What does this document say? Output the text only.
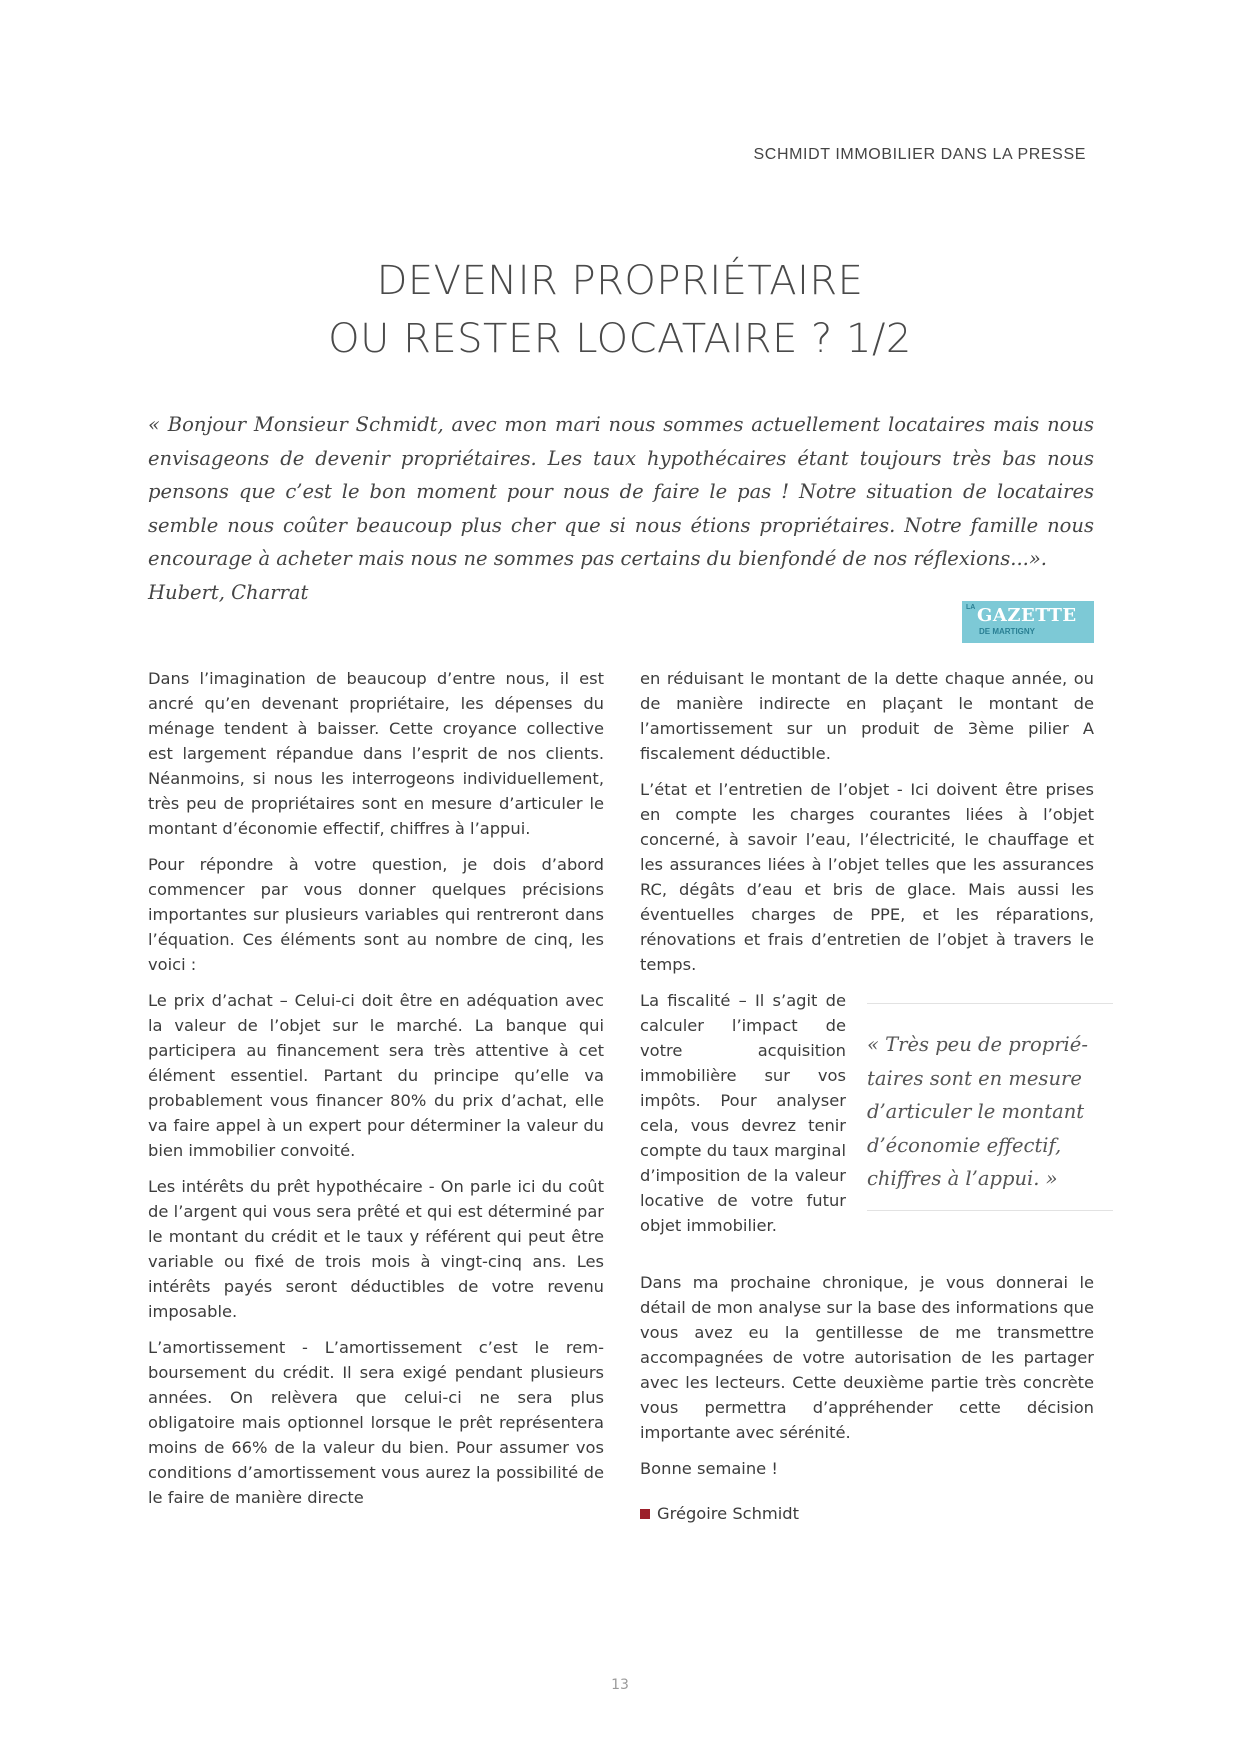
SCHMIDT IMMOBILIER DANS LA PRESSE
DEVENIR PROPRIÉTAIRE
OU RESTER LOCATAIRE ? 1/2
« Bonjour Monsieur Schmidt, avec mon mari nous sommes actuellement locataires mais nous envisageons de devenir propriétaires. Les taux hypothécaires étant toujours très bas nous pensons que c’est le bon moment pour nous de faire le pas ! Notre situation de locataires semble nous coûter beaucoup plus cher que si nous étions propriétaires. Notre famille nous encourage à acheter mais nous ne sommes pas certains du bienfondé de nos réflexions...».
Hubert, Charrat
LA GAZETTE
DE MARTIGNY

Dans l’imagination de beaucoup d’entre nous, il est ancré qu’en devenant propriétaire, les dépenses du ménage tendent à baisser. Cette croyance collective est largement répandue dans l’esprit de nos clients. Néanmoins, si nous les interrogeons individuellement, très peu de propriétaires sont en mesure d’articuler le montant d’économie effectif, chiffres à l’appui.

Pour répondre à votre question, je dois d’abord commencer par vous donner quelques précisions importantes sur plusieurs variables qui rentreront dans l’équation. Ces éléments sont au nombre de cinq, les voici :

Le prix d’achat – Celui-ci doit être en adéquation avec la valeur de l’objet sur le marché. La banque qui participera au financement sera très attentive à cet élément essentiel. Partant du principe qu’elle va probablement vous financer 80% du prix d’achat, elle va faire appel à un expert pour déterminer la valeur du bien immobilier convoité.

Les intérêts du prêt hypothécaire - On parle ici du coût de l’argent qui vous sera prêté et qui est déterminé par le montant du crédit et le taux y référent qui peut être variable ou fixé de trois mois à vingt-cinq ans. Les intérêts payés seront déductibles de votre revenu imposable.

L’amortissement - L’amortissement c’est le remboursement du crédit. Il sera exigé pendant plusieurs années. On relèvera que celui-ci ne sera plus obligatoire mais optionnel lorsque le prêt représentera moins de 66% de la valeur du bien. Pour assumer vos conditions d’amortissement vous aurez la possibilité de le faire de manière directe

en réduisant le montant de la dette chaque année, ou de manière indirecte en plaçant le montant de l’amortissement sur un produit de 3ème pilier A fiscalement déductible.

L’état et l’entretien de l’objet - Ici doivent être prises en compte les charges courantes liées à l’objet concerné, à savoir l’eau, l’électricité, le chauffage et les assurances liées à l’objet telles que les assurances RC, dégâts d’eau et bris de glace. Mais aussi les éventuelles charges de PPE, et les réparations, rénovations et frais d’entretien de l’objet à travers le temps.

La fiscalité – Il s’agit de calculer l’impact de votre acquisition immobilière sur vos impôts. Pour analyser cela, vous devrez tenir compte du taux marginal d’imposition de la valeur locative de votre futur objet immobilier.
« Très peu de propriétaires sont en mesure d’articuler le montant d’économie effectif, chiffres à l’appui. »

Dans ma prochaine chronique, je vous donnerai le détail de mon analyse sur la base des informations que vous avez eu la gentillesse de me transmettre accompagnées de votre autorisation de les partager avec les lecteurs. Cette deuxième partie très concrète vous permettra d’appréhender cette décision importante avec sérénité.

Bonne semaine !

Grégoire Schmidt
13
